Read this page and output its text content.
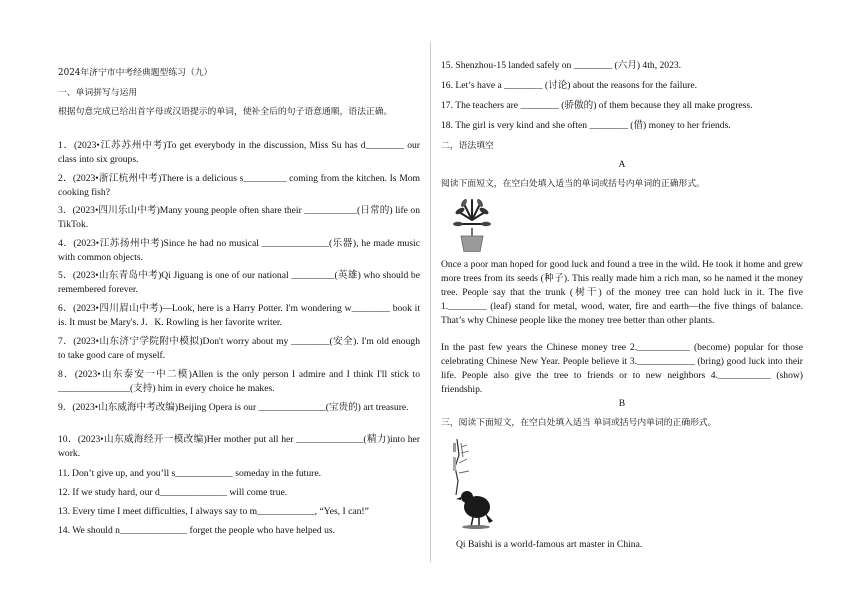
2024年济宁市中考经典题型练习（九）

一、单词拼写与运用

根据句意完成已给出首字母或汉语提示的单词，使补全后的句子语意通顺，语法正确。

1．(2023•江苏苏州中考)To get everybody in the discussion, Miss Su has d________ our class into six groups.

2．(2023•浙江杭州中考)There is a delicious s_________ coming from the kitchen. Is Mom cooking fish?

3．(2023•四川乐山中考)Many young people often share their ___________(日常的) life on TikTok.

4．(2023•江苏扬州中考)Since he had no musical ______________(乐器), he made music with common objects.

5．(2023•山东青岛中考)Qi Jiguang is one of our national _________(英雄) who should be remembered forever.

6．(2023•四川眉山中考)—Look, here is a Harry Potter. I'm wondering w________ book it is. It must be Mary's. J．K. Rowling is her favorite writer.

7．(2023•山东济宁学院附中模拟)Don't worry about my ________(安全). I'm old enough to take good care of myself.

8．(2023•山东泰安一中二模)Allen is the only person I admire and I think I'll stick to _______________(支持) him in every choice he makes.

9．(2023•山东威海中考改编)Beijing Opera is our ______________(宝贵的) art treasure.

10．(2023•山东威海经开一模改编)Her mother put all her ______________(精力)into her work.

11. Don’t give up, and you’ll s____________ someday in the future.

12. If we study hard, our d______________ will come true.

13. Every time I meet difficulties, I always say to m____________, “Yes, I can!”

14. We should n______________ forget the people who have helped us.

15. Shenzhou-15 landed safely on ________ (六月) 4th, 2023.

16. Let’s have a ________ (讨论) about the reasons for the failure.

17. The teachers are ________ (骄傲的) of them because they all make progress.

18. The girl is very kind and she often ________ (借) money to her friends.

二，语法填空

A

阅读下面短文，在空白处填入适当的单词或括号内单词的正确形式。

Once a poor man hoped for good luck and found a tree in the wild. He took it home and grew more trees from its seeds (种子). This really made him a rich man, so he named it the money tree. People say that the trunk (树干) of the money tree can hold luck in it. The five 1.________ (leaf) stand for metal, wood, water, fire and earth—the five things of balance. That’s why Chinese people like the money tree better than other plants.

In the past few years the Chinese money tree 2.___________ (become) popular for those celebrating Chinese New Year. People believe it 3.____________ (bring) good luck into their life. People also give the tree to friends or to new neighbors 4.___________ (show) friendship.

B

三，阅读下面短文，在空白处填入适当 单词或括号内单词的正确形式。

Qi Baishi is a world-famous art master in China.
